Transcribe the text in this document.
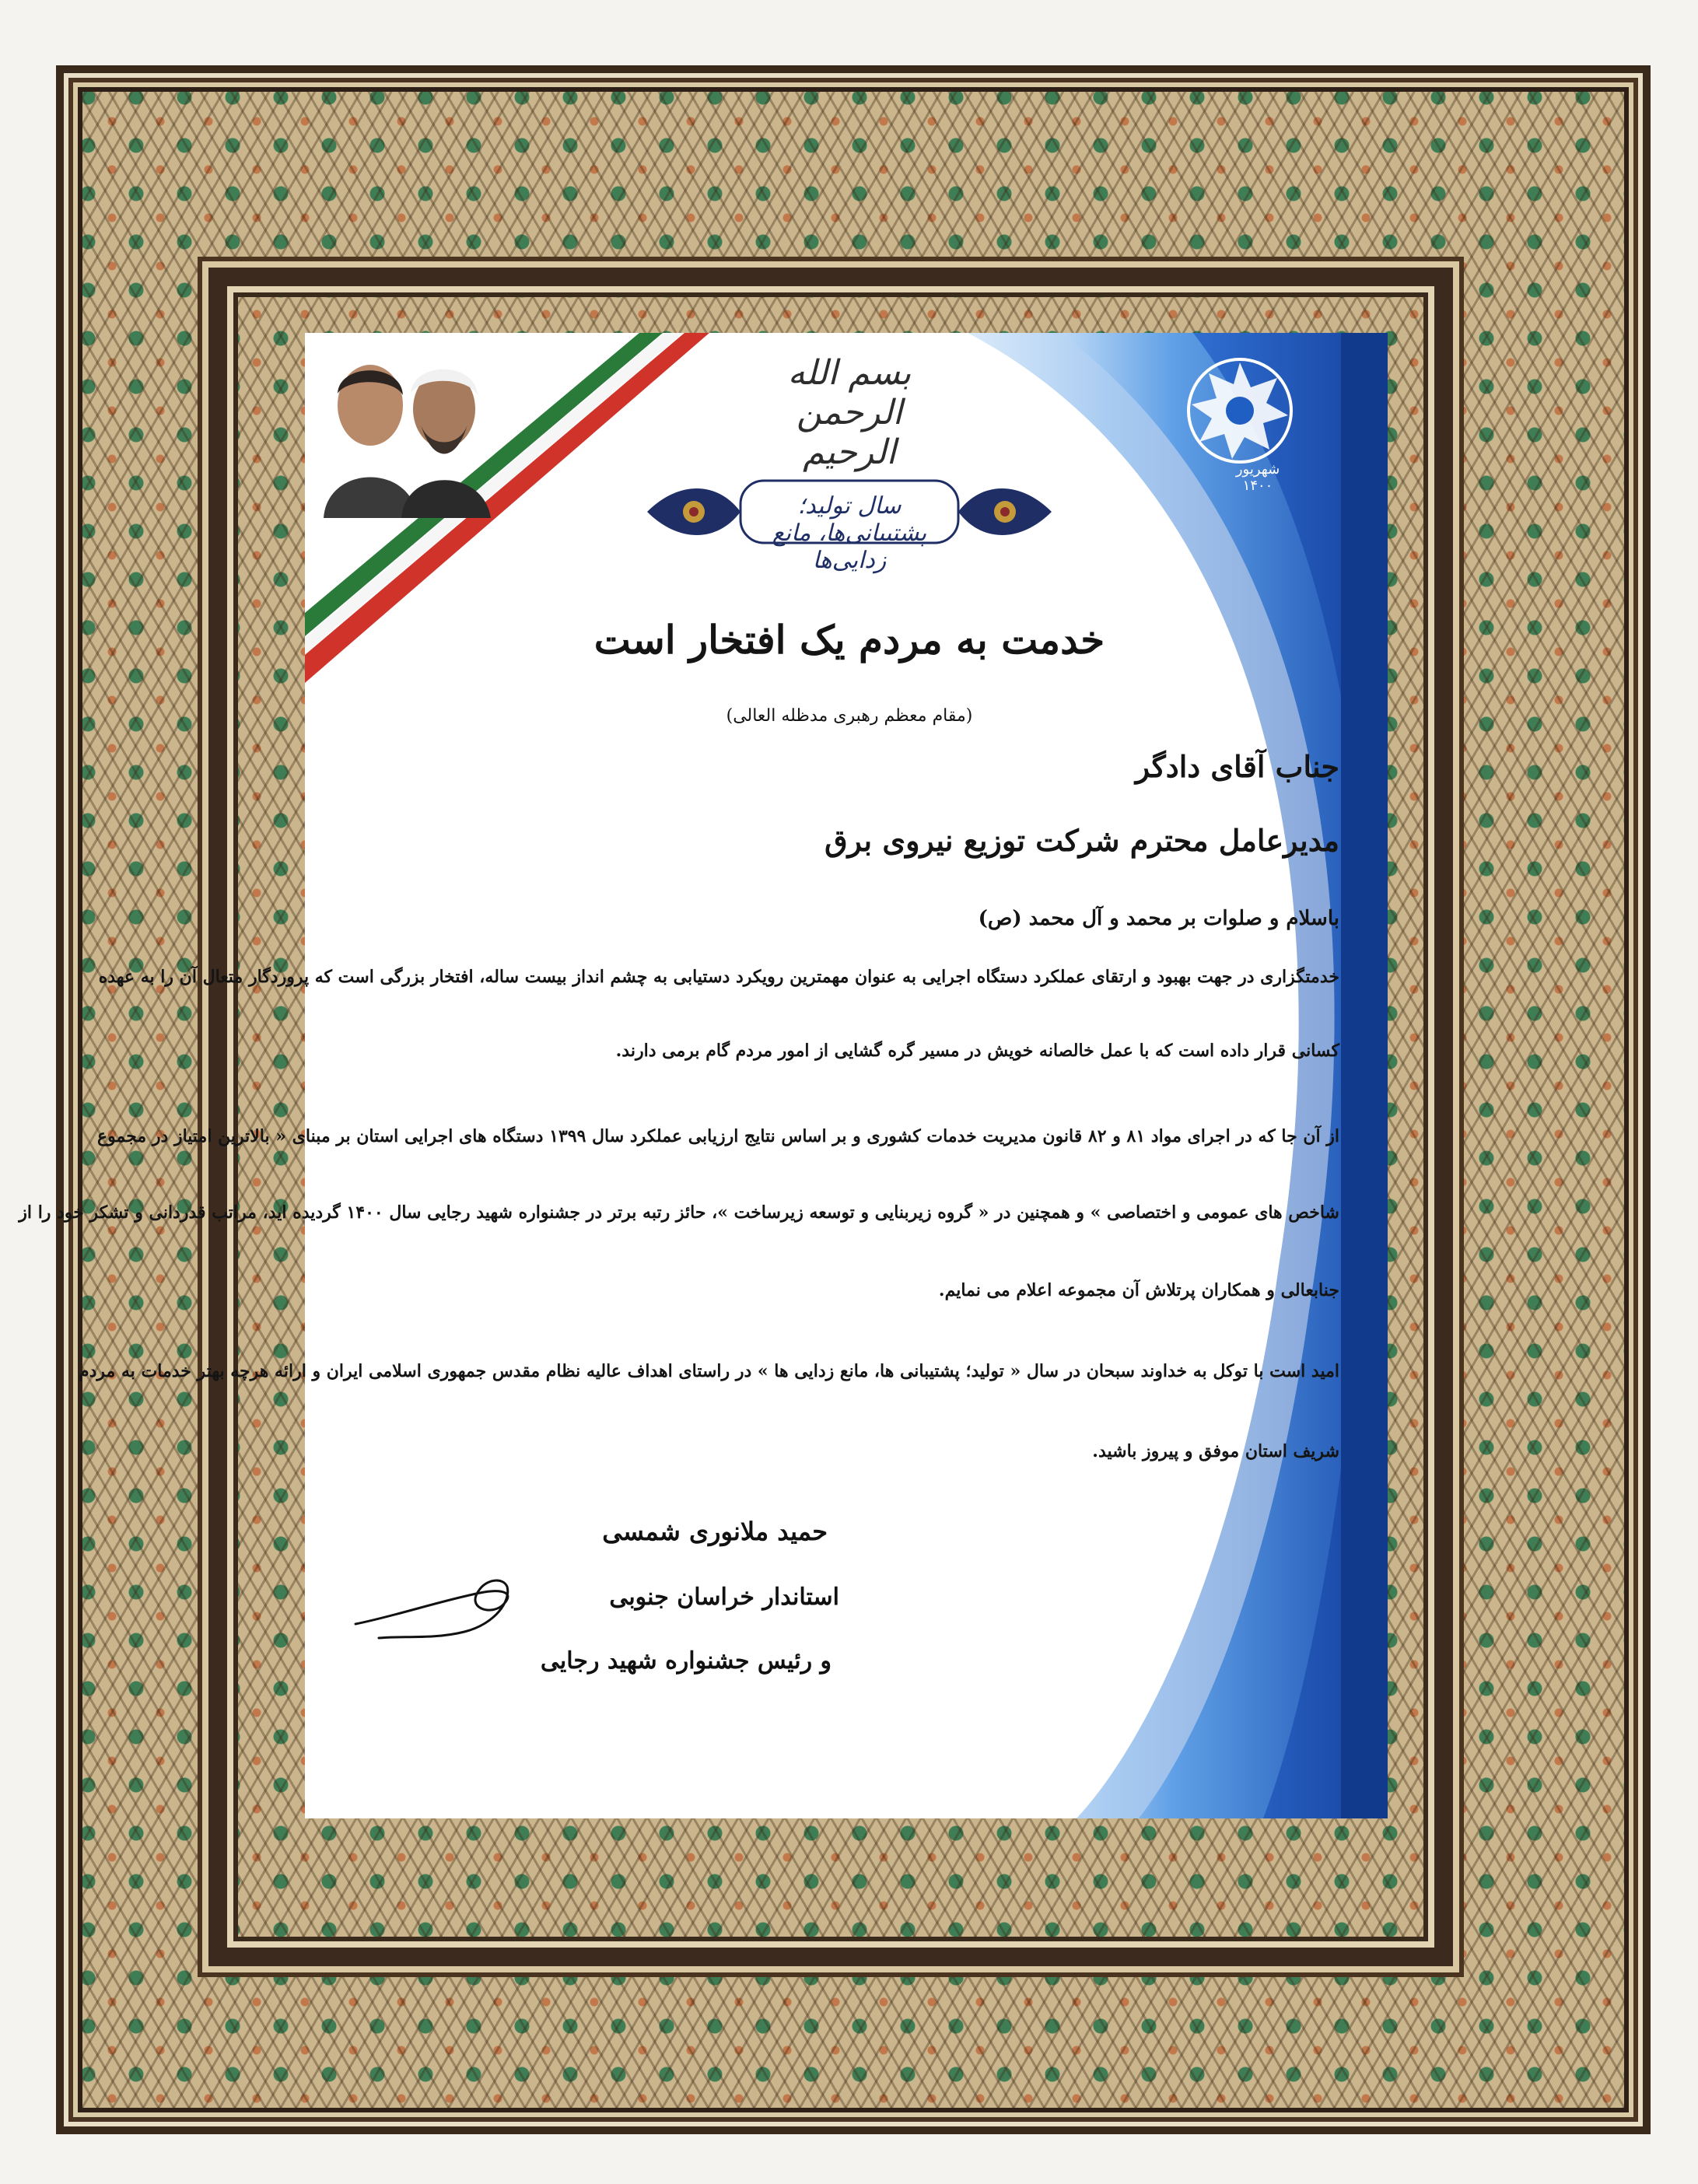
بسم الله الرحمن الرحیم	شهریور ۱۴۰۰
سال تولید؛ پشتیبانی‌ها، مانع زدایی‌ها
خدمت به مردم یک افتخار است
(مقام معظم رهبری مدظله العالی)
جناب آقای دادگر
مدیرعامل محترم شرکت توزیع نیروی برق
باسلام و صلوات بر محمد و آل محمد (ص)
خدمتگزاری در جهت بهبود و ارتقای عملکرد دستگاه اجرایی به عنوان مهمترین رویکرد دستیابی به چشم انداز بیست ساله، افتخار بزرگی است که پروردگار متعال آن را به عهده
کسانی قرار داده است که با عمل خالصانه خویش در مسیر گره گشایی از امور مردم گام برمی دارند.
از آن جا که در اجرای مواد ۸۱ و ۸۲ قانون مدیریت خدمات کشوری و بر اساس نتایج ارزیابی عملکرد سال ۱۳۹۹ دستگاه های اجرایی استان بر مبنای « بالاترین امتیاز در مجموع
شاخص های عمومی و اختصاصی » و همچنین در « گروه زیربنایی و توسعه زیرساخت »، حائز رتبه برتر در جشنواره شهید رجایی سال ۱۴۰۰ گردیده اید، مراتب قدردانی و تشکر خود را از
جنابعالی و همکاران پرتلاش آن مجموعه اعلام می نمایم.
امید است با توکل به خداوند سبحان در سال « تولید؛ پشتیبانی ها، مانع زدایی ها » در راستای اهداف عالیه نظام مقدس جمهوری اسلامی ایران و ارائه هرچه بهتر خدمات به مردم
شریف استان موفق و پیروز باشید.
حمید ملانوری شمسی
استاندار خراسان جنوبی
و رئیس جشنواره شهید رجایی
